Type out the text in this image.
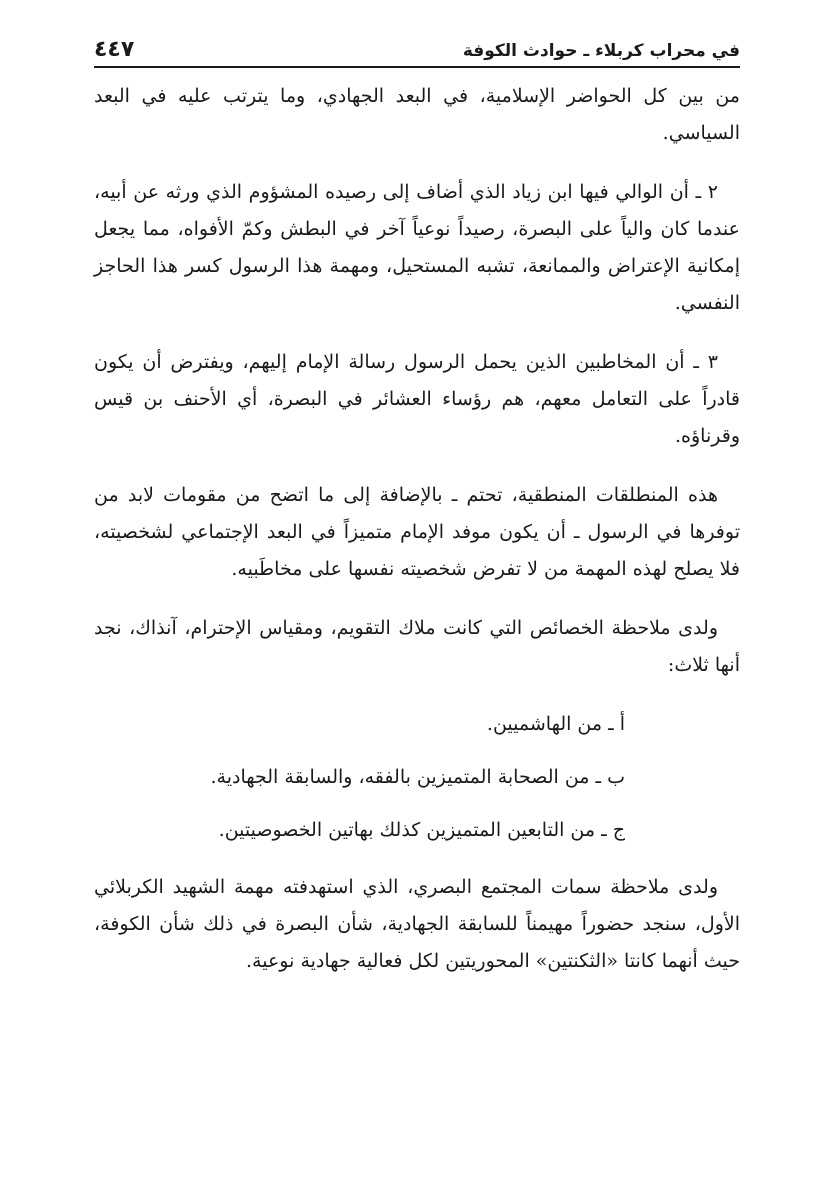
في محراب كربلاء ـ حوادث الكوفة
٤٤٧

من بين كل الحواضر الإسلامية، في البعد الجهادي، وما يترتب عليه في البعد السياسي.

٢ ـ أن الوالي فيها ابن زياد الذي أضاف إلى رصيده المشؤوم الذي ورثه عن أبيه، عندما كان والياً على البصرة، رصيداً نوعياً آخر في البطش وكمّ الأفواه، مما يجعل إمكانية الإعتراض والممانعة، تشبه المستحيل، ومهمة هذا الرسول كسر هذا الحاجز النفسي.

٣ ـ أن المخاطبين الذين يحمل الرسول رسالة الإمام إليهم، ويفترض أن يكون قادراً على التعامل معهم، هم رؤساء العشائر في البصرة، أي الأحنف بن قيس وقرناؤه.

هذه المنطلقات المنطقية، تحتم ـ بالإضافة إلى ما اتضح من مقومات لابد من توفرها في الرسول ـ أن يكون موفد الإمام متميزاً في البعد الإجتماعي لشخصيته، فلا يصلح لهذه المهمة من لا تفرض شخصيته نفسها على مخاطَبيه.

ولدى ملاحظة الخصائص التي كانت ملاك التقويم، ومقياس الإحترام، آنذاك، نجد أنها ثلاث:

أ ـ من الهاشميين.
ب ـ من الصحابة المتميزين بالفقه، والسابقة الجهادية.
ج ـ من التابعين المتميزين كذلك بهاتين الخصوصيتين.

ولدى ملاحظة سمات المجتمع البصري، الذي استهدفته مهمة الشهيد الكربلائي الأول، سنجد حضوراً مهيمناً للسابقة الجهادية، شأن البصرة في ذلك شأن الكوفة، حيث أنهما كانتا «الثكنتين» المحوريتين لكل فعالية جهادية نوعية.
